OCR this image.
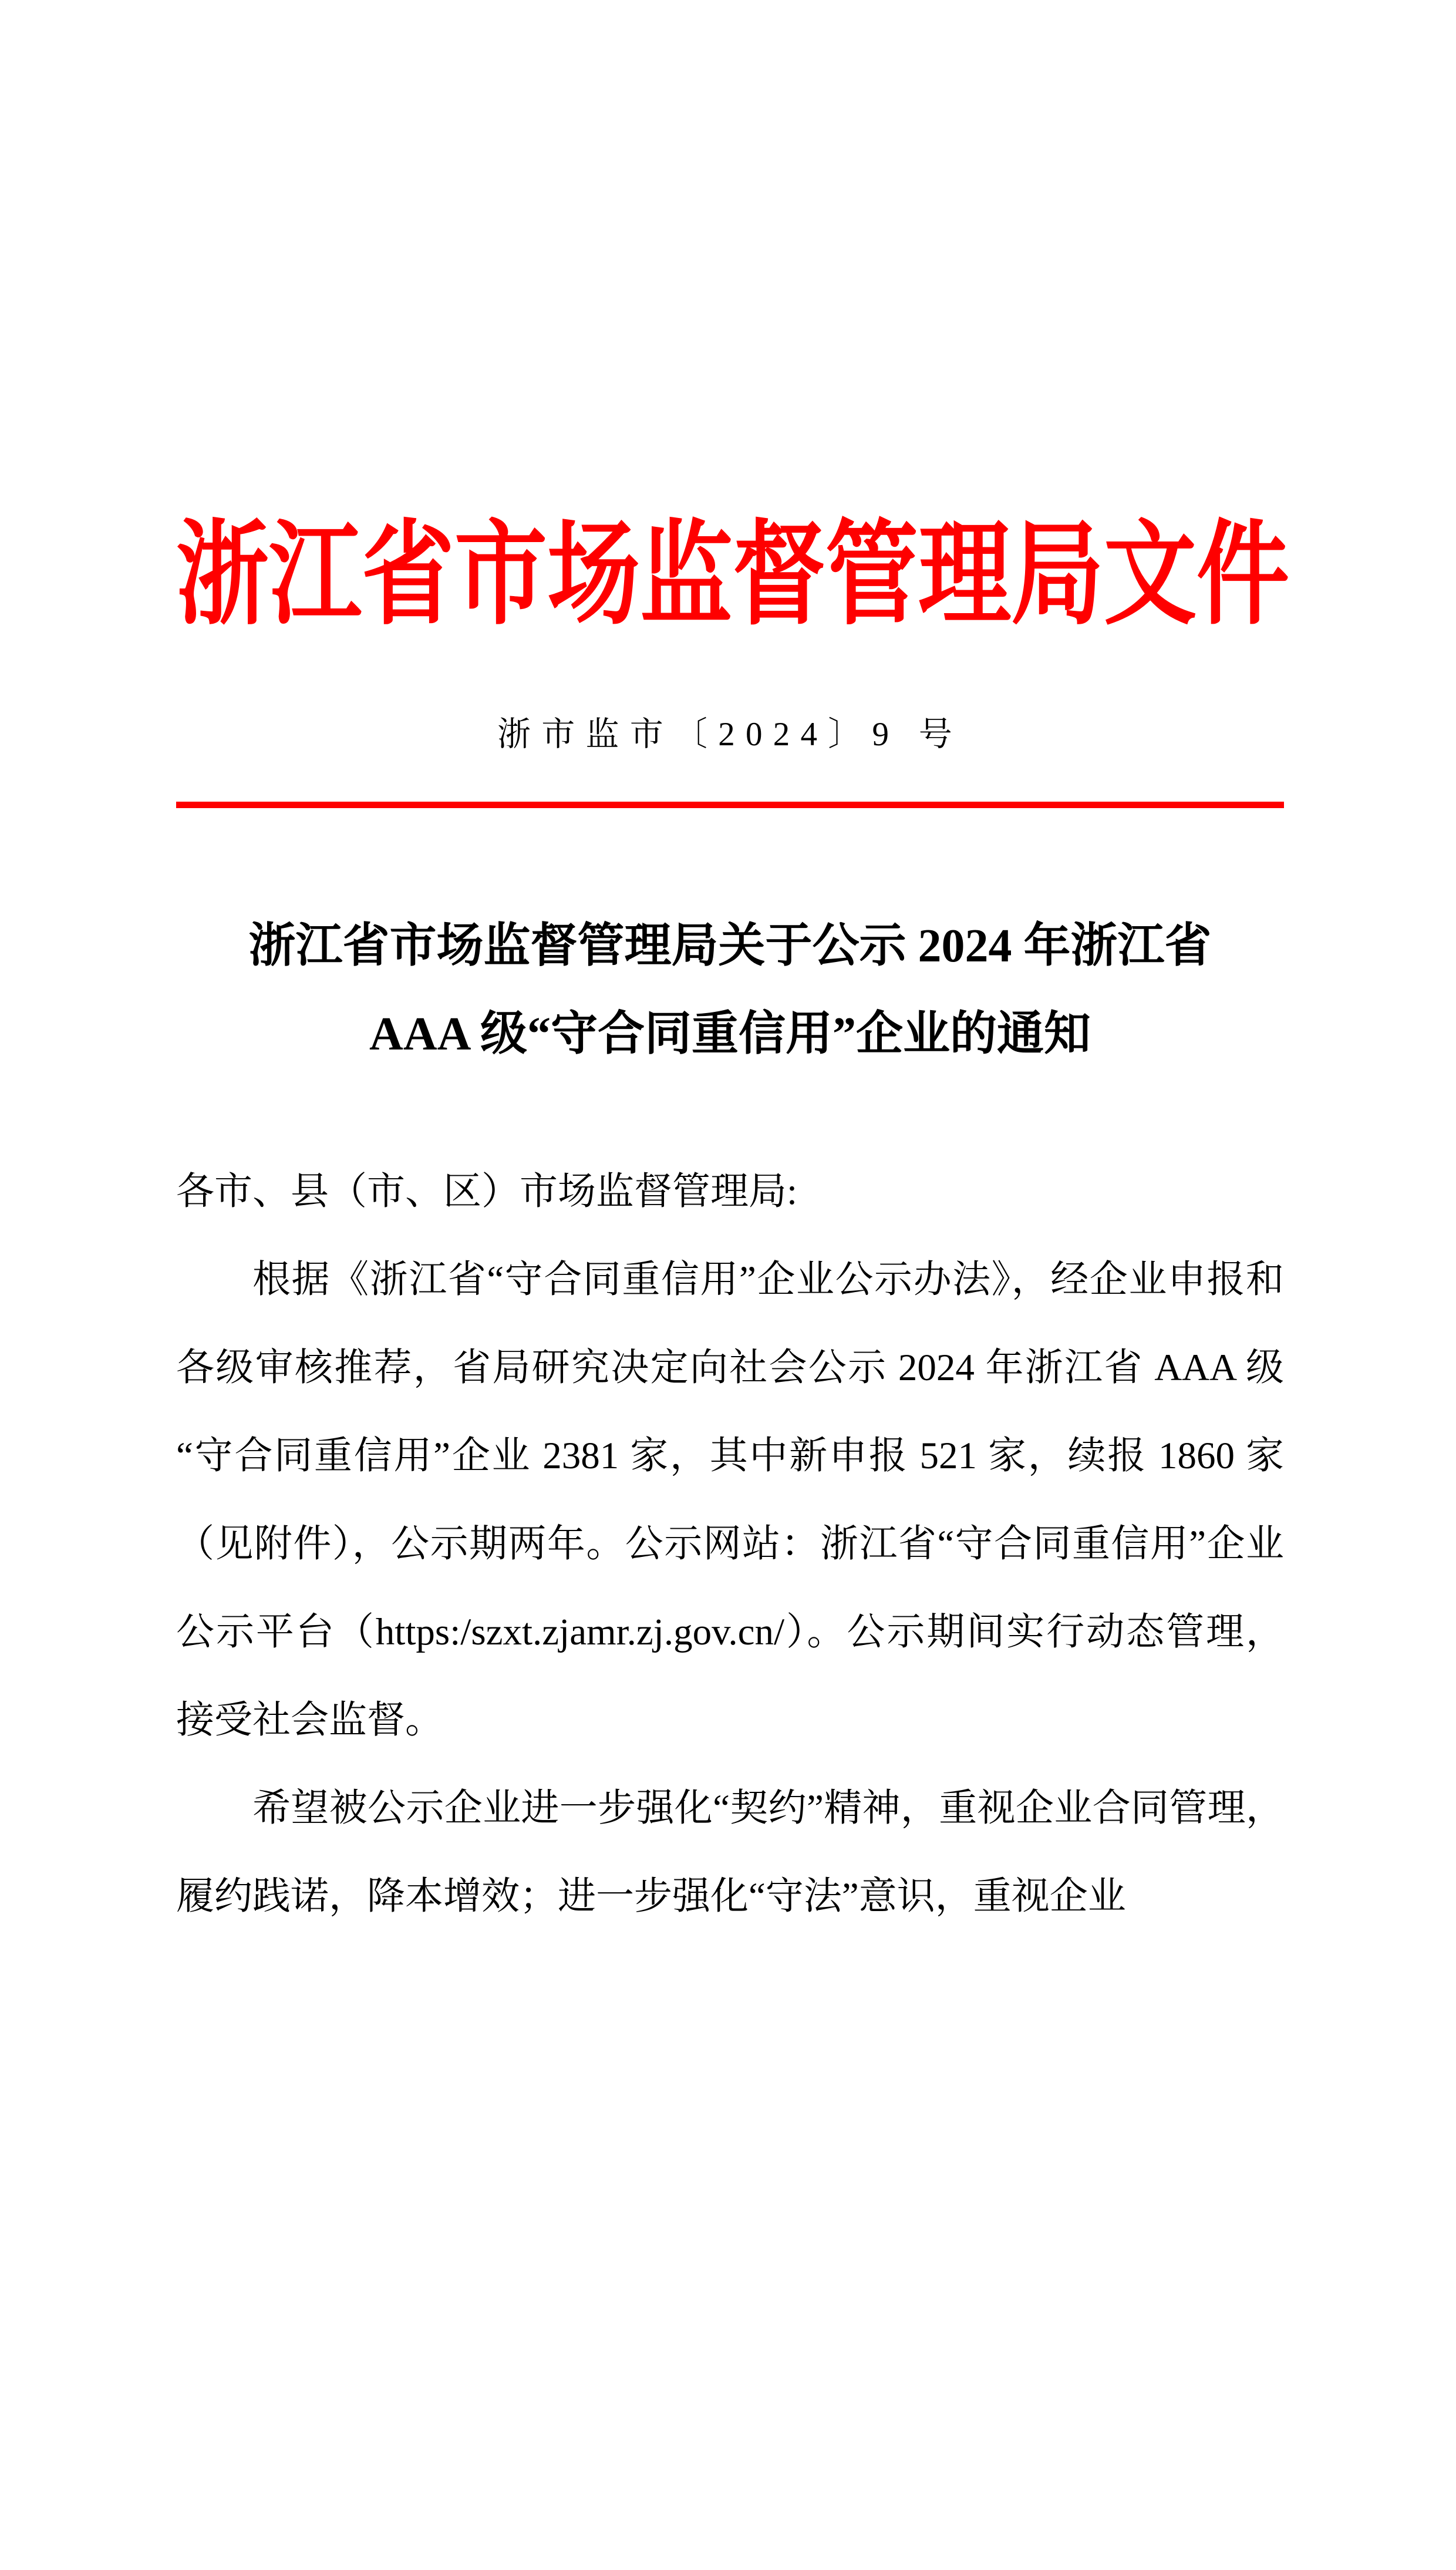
浙江省市场监督管理局文件
浙市监市〔2024〕9 号
浙江省市场监督管理局关于公示 2024 年浙江省
AAA 级“守合同重信用”企业的通知

各市、县（市、区）市场监督管理局:

根据《浙江省“守合同重信用”企业公示办法》，经企业申报和各级审核推荐，省局研究决定向社会公示 2024 年浙江省 AAA 级“守合同重信用”企业 2381 家，其中新申报 521 家，续报 1860 家（见附件），公示期两年。公示网站：浙江省“守合同重信用”企业公示平台（https:/szxt.zjamr.zj.gov.cn/）。公示期间实行动态管理，接受社会监督。

希望被公示企业进一步强化“契约”精神，重视企业合同管理，履约践诺，降本增效；进一步强化“守法”意识，重视企业
